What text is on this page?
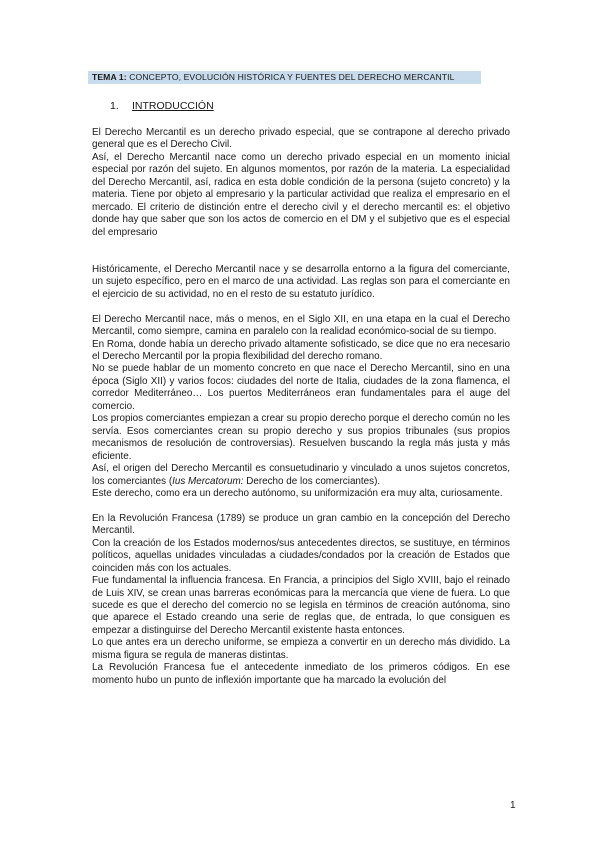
TEMA 1: CONCEPTO, EVOLUCIÓN HISTÓRICA Y FUENTES DEL DERECHO MERCANTIL
1. INTRODUCCIÓN

El Derecho Mercantil es un derecho privado especial, que se contrapone al derecho privado general que es el Derecho Civil.

Así, el Derecho Mercantil nace como un derecho privado especial en un momento inicial especial por razón del sujeto. En algunos momentos, por razón de la materia. La especialidad del Derecho Mercantil, así, radica en esta doble condición de la persona (sujeto concreto) y la materia. Tiene por objeto al empresario y la particular actividad que realiza el empresario en el mercado. El criterio de distinción entre el derecho civil y el derecho mercantil es: el objetivo donde hay que saber que son los actos de comercio en el DM y el subjetivo que es el especial del empresario

Históricamente, el Derecho Mercantil nace y se desarrolla entorno a la figura del comerciante, un sujeto específico, pero en el marco de una actividad. Las reglas son para el comerciante en el ejercicio de su actividad, no en el resto de su estatuto jurídico.

El Derecho Mercantil nace, más o menos, en el Siglo XII, en una etapa en la cual el Derecho Mercantil, como siempre, camina en paralelo con la realidad económico-social de su tiempo.

En Roma, donde había un derecho privado altamente sofisticado, se dice que no era necesario el Derecho Mercantil por la propia flexibilidad del derecho romano.

No se puede hablar de un momento concreto en que nace el Derecho Mercantil, sino en una época (Siglo XII) y varios focos: ciudades del norte de Italia, ciudades de la zona flamenca, el corredor Mediterráneo… Los puertos Mediterráneos eran fundamentales para el auge del comercio.

Los propios comerciantes empiezan a crear su propio derecho porque el derecho común no les servía. Esos comerciantes crean su propio derecho y sus propios tribunales (sus propios mecanismos de resolución de controversias). Resuelven buscando la regla más justa y más eficiente.

Así, el origen del Derecho Mercantil es consuetudinario y vinculado a unos sujetos concretos, los comerciantes (Ius Mercatorum: Derecho de los comerciantes).

Este derecho, como era un derecho autónomo, su uniformización era muy alta, curiosamente.

En la Revolución Francesa (1789) se produce un gran cambio en la concepción del Derecho Mercantil.

Con la creación de los Estados modernos/sus antecedentes directos, se sustituye, en términos políticos, aquellas unidades vinculadas a ciudades/condados por la creación de Estados que coinciden más con los actuales.

Fue fundamental la influencia francesa. En Francia, a principios del Siglo XVIII, bajo el reinado de Luis XIV, se crean unas barreras económicas para la mercancía que viene de fuera. Lo que sucede es que el derecho del comercio no se legisla en términos de creación autónoma, sino que aparece el Estado creando una serie de reglas que, de entrada, lo que consiguen es empezar a distinguirse del Derecho Mercantil existente hasta entonces.

Lo que antes era un derecho uniforme, se empieza a convertir en un derecho más dividido. La misma figura se regula de maneras distintas.

La Revolución Francesa fue el antecedente inmediato de los primeros códigos. En ese momento hubo un punto de inflexión importante que ha marcado la evolución del

1
